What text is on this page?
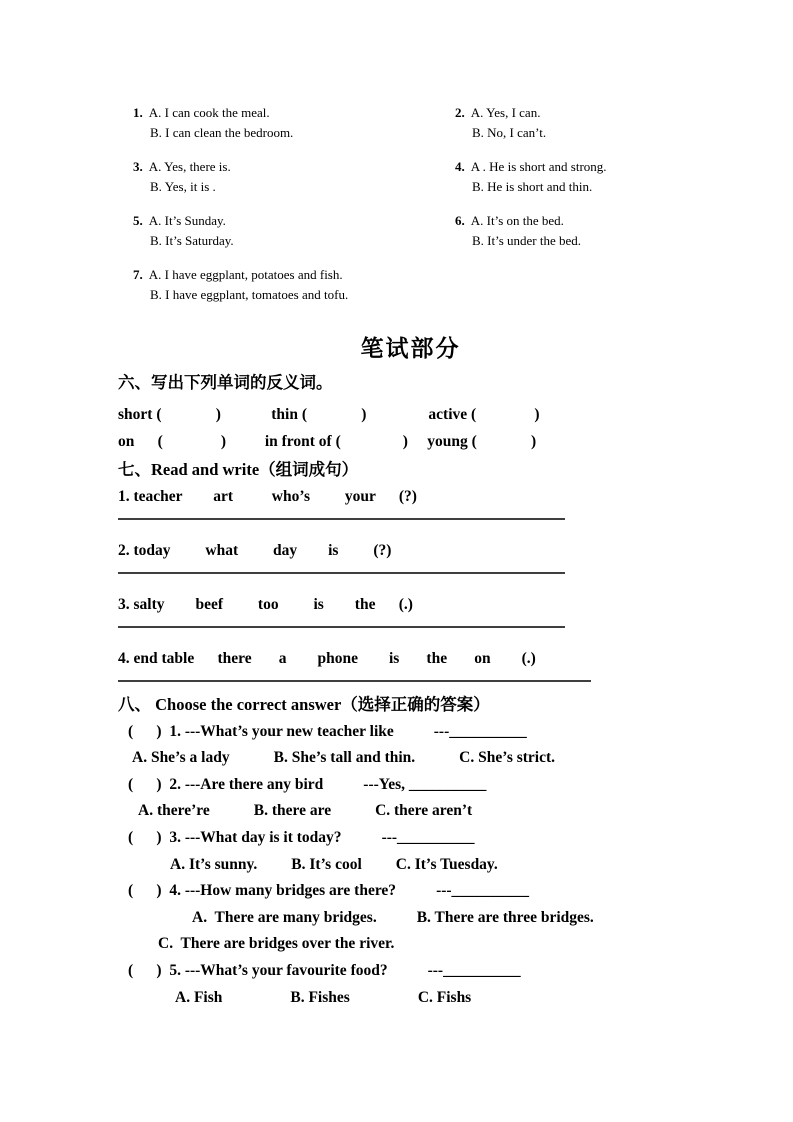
1. A. I can cook the meal.
B. I can clean the bedroom.
2. A. Yes, I can.
B. No, I can’t.
3. A. Yes, there is.
B. Yes, it is .
4. A . He is short and strong.
B. He is short and thin.
5. A. It’s Sunday.
B. It’s Saturday.
6. A. It’s on the bed.
B. It’s under the bed.
7. A. I have eggplant, potatoes and fish.
B. I have eggplant, tomatoes and tofu.
笔试部分
六、写出下列单词的反义词。
short (              )             thin (              )                active (               )
on      (               )          in front of (                )     young (              )
七、Read and write（组词成句）
1. teacher        art          who’s         your      (?)
2. today         what         day        is         (?)
3. salty        beef         too         is        the      (.)
4. end table      there       a        phone        is       the       on        (.)
八、 Choose the correct answer（选择正确的答案）
(      )  1. ---What’s your new teacher like	---__________
A. She’s a lady	B. She’s tall and thin.	C. She’s strict.
(      )  2. ---Are there any bird	---Yes, __________
A. there’re	B. there are	C. there aren’t
(      )  3. ---What day is it today?	---__________
A. It’s sunny. B. It’s cool C. It’s Tuesday.
(      )  4. ---How many bridges are there?	---__________
A.  There are many bridges.	B. There are three bridges.
C.  There are bridges over the river.
(      )  5. ---What’s your favourite food?	---__________
A. Fish	B. Fishes	C. Fishs
